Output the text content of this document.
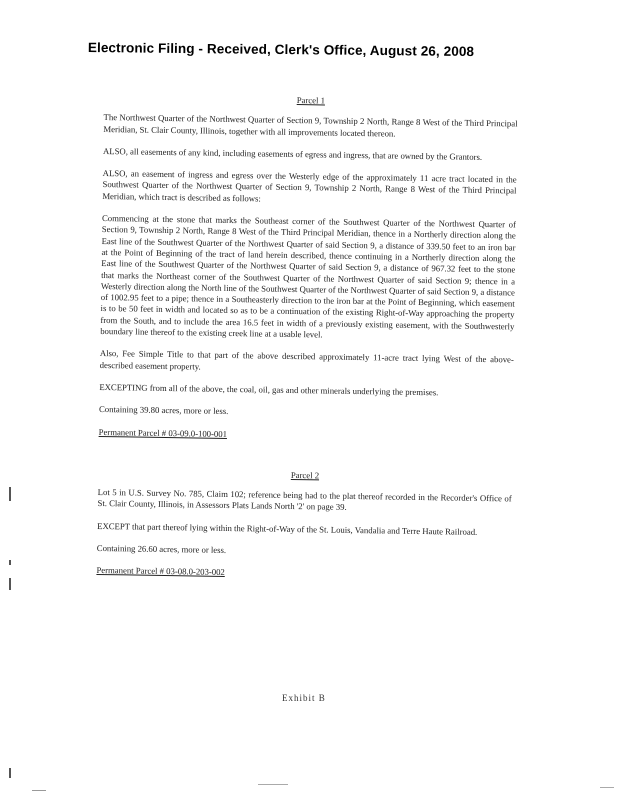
Electronic Filing - Received, Clerk's Office, August 26, 2008
Parcel 1

The Northwest Quarter of the Northwest Quarter of Section 9, Township 2 North, Range 8 West of the Third Principal Meridian, St. Clair County, Illinois, together with all improvements located thereon.

ALSO, all easements of any kind, including easements of egress and ingress, that are owned by the Grantors.

ALSO, an easement of ingress and egress over the Westerly edge of the approximately 11 acre tract located in the Southwest Quarter of the Northwest Quarter of Section 9, Township 2 North, Range 8 West of the Third Principal Meridian, which tract is described as follows:

Commencing at the stone that marks the Southeast corner of the Southwest Quarter of the Northwest Quarter of Section 9, Township 2 North, Range 8 West of the Third Principal Meridian, thence in a Northerly direction along the East line of the Southwest Quarter of the Northwest Quarter of said Section 9, a distance of 339.50 feet to an iron bar at the Point of Beginning of the tract of land herein described, thence continuing in a Northerly direction along the East line of the Southwest Quarter of the Northwest Quarter of said Section 9, a distance of 967.32 feet to the stone that marks the Northeast corner of the Southwest Quarter of the Northwest Quarter of said Section 9; thence in a Westerly direction along the North line of the Southwest Quarter of the Northwest Quarter of said Section 9, a distance of 1002.95 feet to a pipe; thence in a Southeasterly direction to the iron bar at the Point of Beginning, which easement is to be 50 feet in width and located so as to be a continuation of the existing Right-of-Way approaching the property from the South, and to include the area 16.5 feet in width of a previously existing easement, with the Southwesterly boundary line thereof to the existing creek line at a usable level.

Also, Fee Simple Title to that part of the above described approximately 11-acre tract lying West of the above-described easement property.

EXCEPTING from all of the above, the coal, oil, gas and other minerals underlying the premises.

Containing 39.80 acres, more or less.

Permanent Parcel # 03-09.0-100-001

Parcel 2

Lot 5 in U.S. Survey No. 785, Claim 102; reference being had to the plat thereof recorded in the Recorder's Office of St. Clair County, Illinois, in Assessors Plats Lands North '2' on page 39.

EXCEPT that part thereof lying within the Right-of-Way of the St. Louis, Vandalia and Terre Haute Railroad.

Containing 26.60 acres, more or less.

Permanent Parcel # 03-08.0-203-002

Exhibit B
